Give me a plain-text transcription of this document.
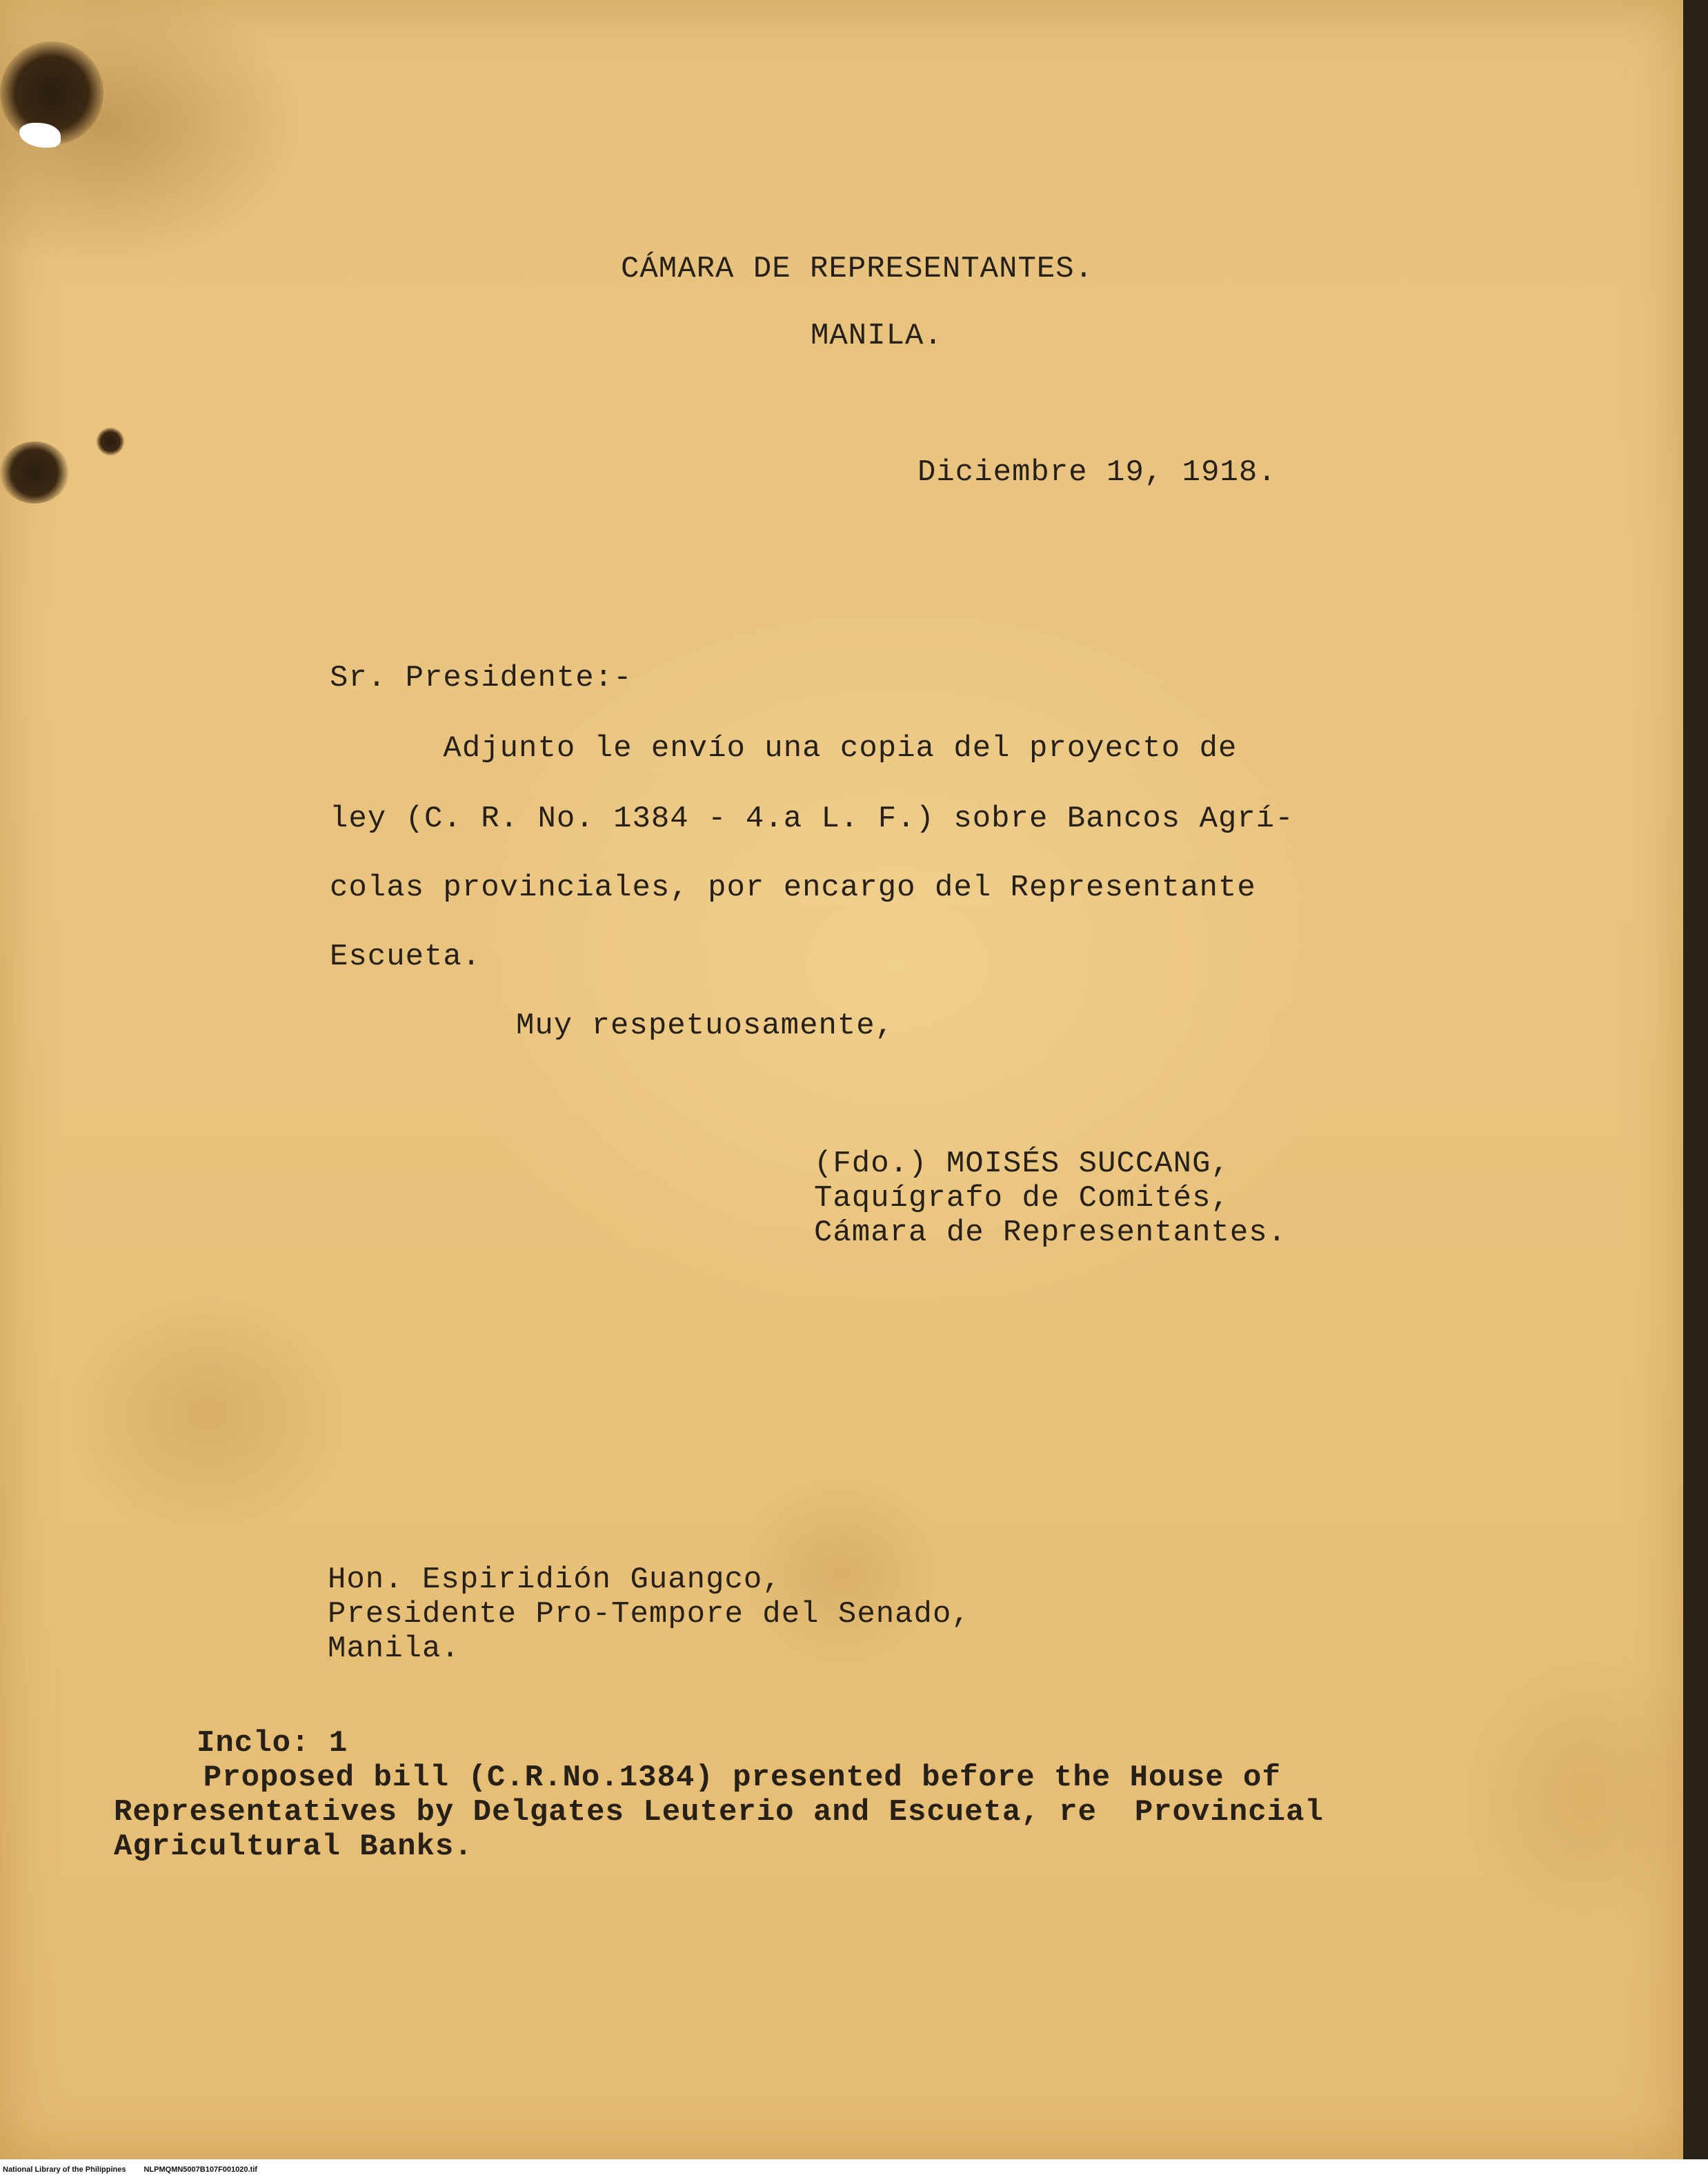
CÁMARA DE REPRESENTANTES.
MANILA.
Diciembre 19, 1918.
Sr. Presidente:-
Adjunto le envío una copia del proyecto de
ley (C. R. No. 1384 - 4.a L. F.) sobre Bancos Agrí-
colas provinciales, por encargo del Representante
Escueta.
Muy respetuosamente,
(Fdo.) MOISÉS SUCCANG,
Taquígrafo de Comités,
Cámara de Representantes.
Hon. Espiridión Guangco,
Presidente Pro-Tempore del Senado,
Manila.
Inclo: 1
Proposed bill (C.R.No.1384) presented before the House of
Representatives by Delgates Leuterio and Escueta, re  Provincial
Agricultural Banks.
National Library of the Philippines NLPMQMN5007B107F001020.tif
